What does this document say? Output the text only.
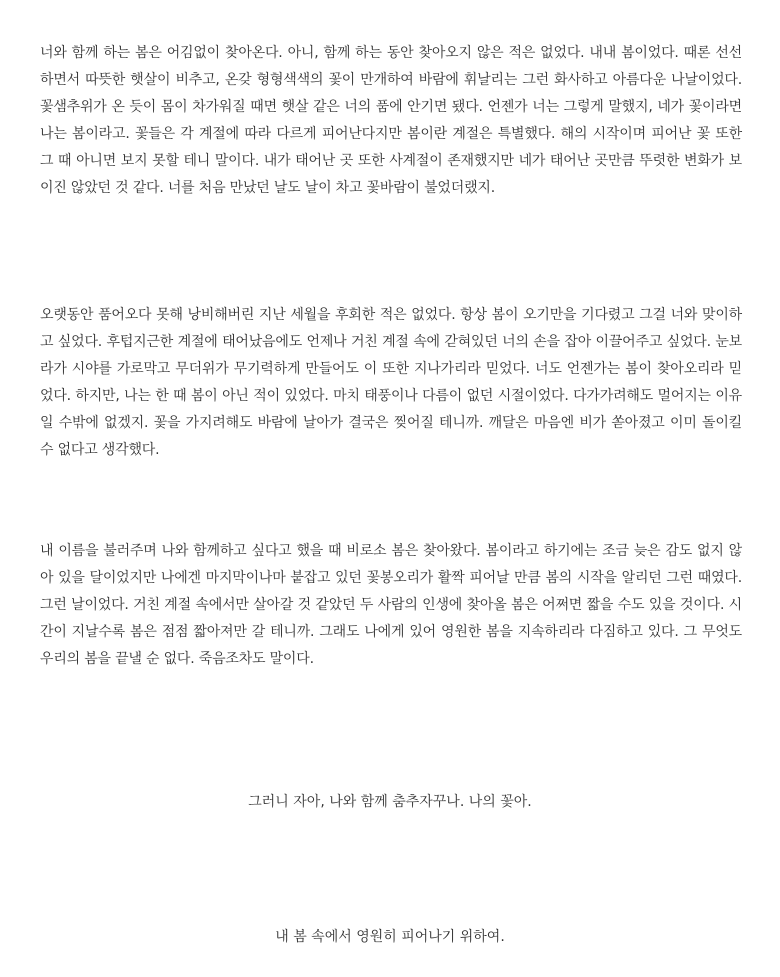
너와 함께 하는 봄은 어김없이 찾아온다. 아니, 함께 하는 동안 찾아오지 않은 적은 없었다. 내내 봄이었다. 때론 선선하면서 따뜻한 햇살이 비추고, 온갖 형형색색의 꽃이 만개하여 바람에 휘날리는 그런 화사하고 아름다운 나날이었다. 꽃샘추위가 온 듯이 몸이 차가워질 때면 햇살 같은 너의 품에 안기면 됐다. 언젠가 너는 그렇게 말했지, 네가 꽃이라면 나는 봄이라고. 꽃들은 각 계절에 따라 다르게 피어난다지만 봄이란 계절은 특별했다. 해의 시작이며 피어난 꽃 또한 그 때 아니면 보지 못할 테니 말이다. 내가 태어난 곳 또한 사계절이 존재했지만 네가 태어난 곳만큼 뚜렷한 변화가 보이진 않았던 것 같다. 너를 처음 만났던 날도 날이 차고 꽃바람이 불었더랬지.

오랫동안 품어오다 못해 낭비해버린 지난 세월을 후회한 적은 없었다. 항상 봄이 오기만을 기다렸고 그걸 너와 맞이하고 싶었다. 후텁지근한 계절에 태어났음에도 언제나 거친 계절 속에 갇혀있던 너의 손을 잡아 이끌어주고 싶었다. 눈보라가 시야를 가로막고 무더위가 무기력하게 만들어도 이 또한 지나가리라 믿었다. 너도 언젠가는 봄이 찾아오리라 믿었다. 하지만, 나는 한 때 봄이 아닌 적이 있었다. 마치 태풍이나 다름이 없던 시절이었다. 다가가려해도 멀어지는 이유일 수밖에 없겠지. 꽃을 가지려해도 바람에 날아가 결국은 찢어질 테니까. 깨달은 마음엔 비가 쏟아졌고 이미 돌이킬 수 없다고 생각했다.

내 이름을 불러주며 나와 함께하고 싶다고 했을 때 비로소 봄은 찾아왔다. 봄이라고 하기에는 조금 늦은 감도 없지 않아 있을 달이었지만 나에겐 마지막이나마 붙잡고 있던 꽃봉오리가 활짝 피어날 만큼 봄의 시작을 알리던 그런 때였다. 그런 날이었다. 거친 계절 속에서만 살아갈 것 같았던 두 사람의 인생에 찾아올 봄은 어쩌면 짧을 수도 있을 것이다. 시간이 지날수록 봄은 점점 짧아져만 갈 테니까. 그래도 나에게 있어 영원한 봄을 지속하리라 다짐하고 있다. 그 무엇도 우리의 봄을 끝낼 순 없다. 죽음조차도 말이다.

그러니 자아, 나와 함께 춤추자꾸나. 나의 꽃아.

내 봄 속에서 영원히 피어나기 위하여.
